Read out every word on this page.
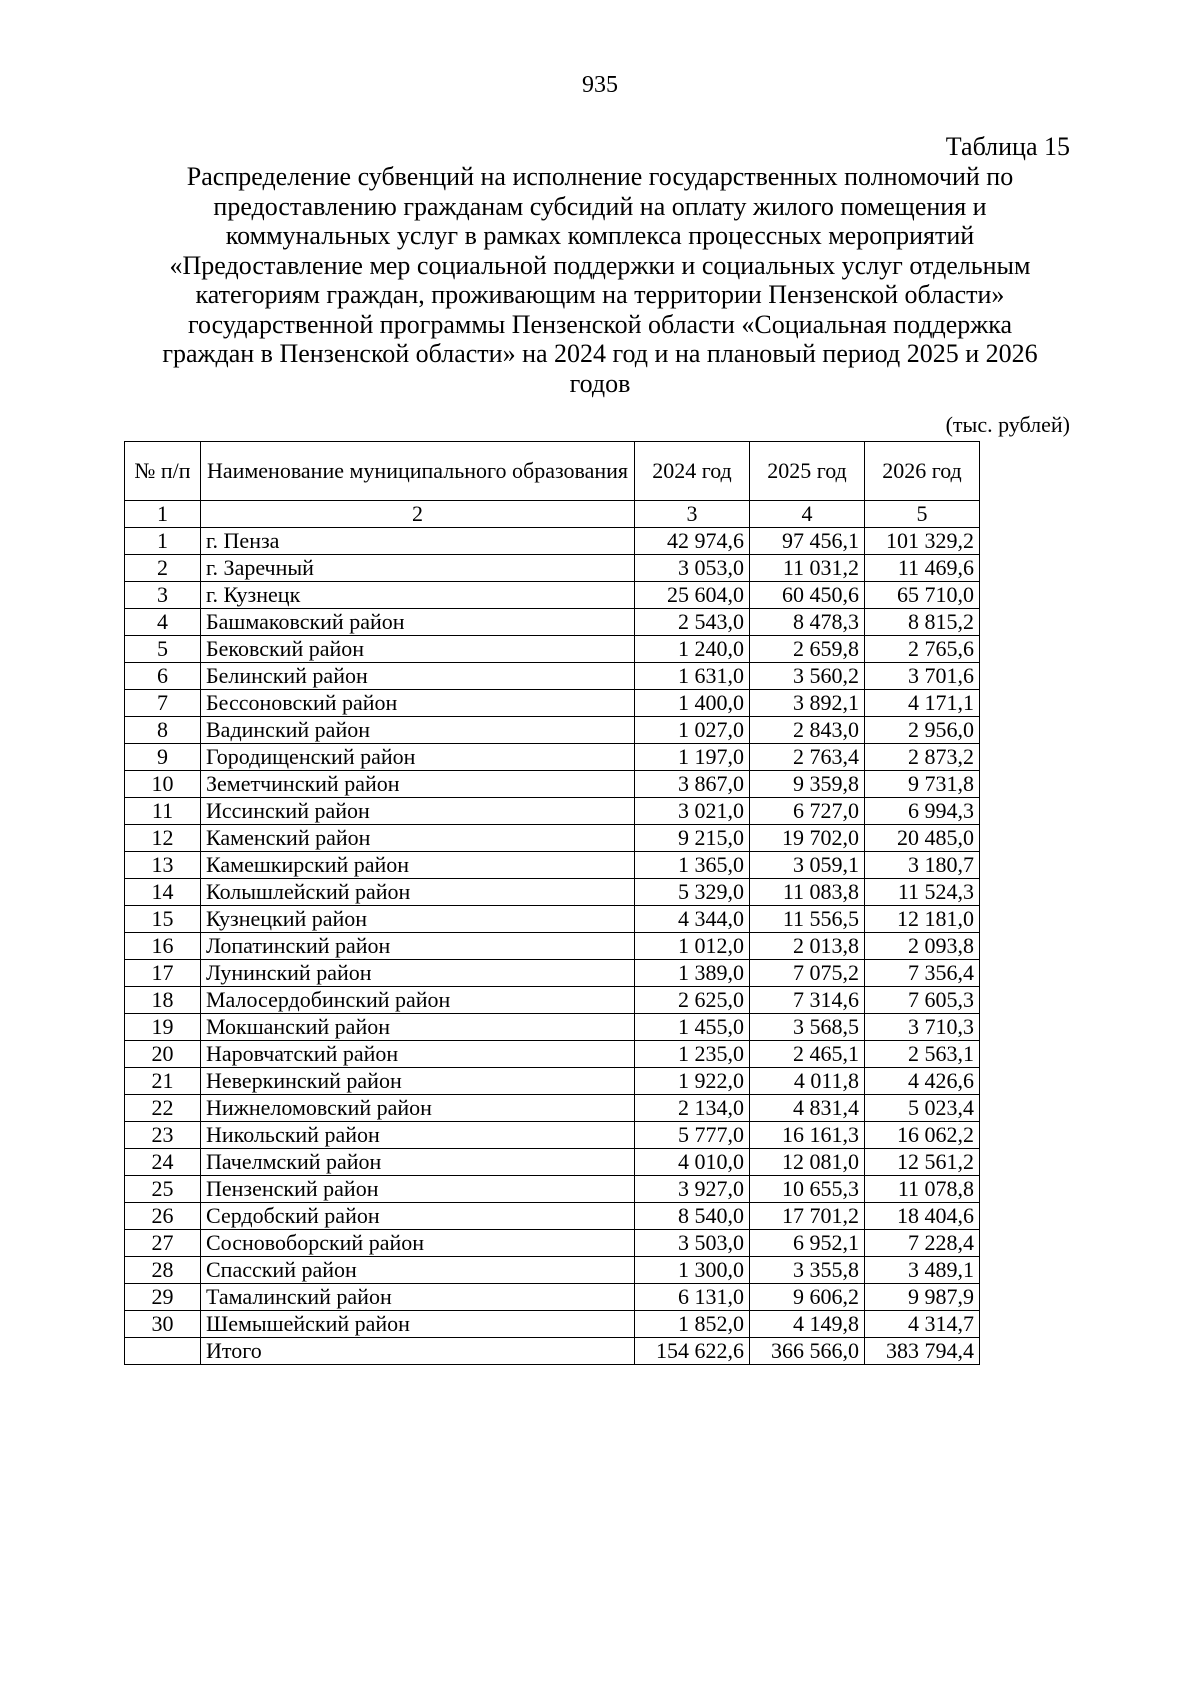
935
Таблица 15
Распределение субвенций на исполнение государственных полномочий по
предоставлению гражданам субсидий на оплату жилого помещения и
коммунальных услуг в рамках комплекса процессных мероприятий
«Предоставление мер социальной поддержки и социальных услуг отдельным
категориям граждан, проживающим на территории Пензенской области»
государственной программы Пензенской области «Социальная поддержка
граждан в Пензенской области» на 2024 год и на плановый период 2025 и 2026
годов
(тыс. рублей)
№ п/п	Наименование муниципального образования	2024 год	2025 год	2026 год
1	2	3	4	5
1	г. Пенза	42 974,6	97 456,1	101 329,2
2	г. Заречный	3 053,0	11 031,2	11 469,6
3	г. Кузнецк	25 604,0	60 450,6	65 710,0
4	Башмаковский район	2 543,0	8 478,3	8 815,2
5	Бековский район	1 240,0	2 659,8	2 765,6
6	Белинский район	1 631,0	3 560,2	3 701,6
7	Бессоновский район	1 400,0	3 892,1	4 171,1
8	Вадинский район	1 027,0	2 843,0	2 956,0
9	Городищенский район	1 197,0	2 763,4	2 873,2
10	Земетчинский район	3 867,0	9 359,8	9 731,8
11	Иссинский район	3 021,0	6 727,0	6 994,3
12	Каменский район	9 215,0	19 702,0	20 485,0
13	Камешкирский район	1 365,0	3 059,1	3 180,7
14	Колышлейский район	5 329,0	11 083,8	11 524,3
15	Кузнецкий район	4 344,0	11 556,5	12 181,0
16	Лопатинский район	1 012,0	2 013,8	2 093,8
17	Лунинский район	1 389,0	7 075,2	7 356,4
18	Малосердобинский район	2 625,0	7 314,6	7 605,3
19	Мокшанский район	1 455,0	3 568,5	3 710,3
20	Наровчатский район	1 235,0	2 465,1	2 563,1
21	Неверкинский район	1 922,0	4 011,8	4 426,6
22	Нижнеломовский район	2 134,0	4 831,4	5 023,4
23	Никольский район	5 777,0	16 161,3	16 062,2
24	Пачелмский район	4 010,0	12 081,0	12 561,2
25	Пензенский район	3 927,0	10 655,3	11 078,8
26	Сердобский район	8 540,0	17 701,2	18 404,6
27	Сосновоборский район	3 503,0	6 952,1	7 228,4
28	Спасский район	1 300,0	3 355,8	3 489,1
29	Тамалинский район	6 131,0	9 606,2	9 987,9
30	Шемышейский район	1 852,0	4 149,8	4 314,7
	Итого	154 622,6	366 566,0	383 794,4
